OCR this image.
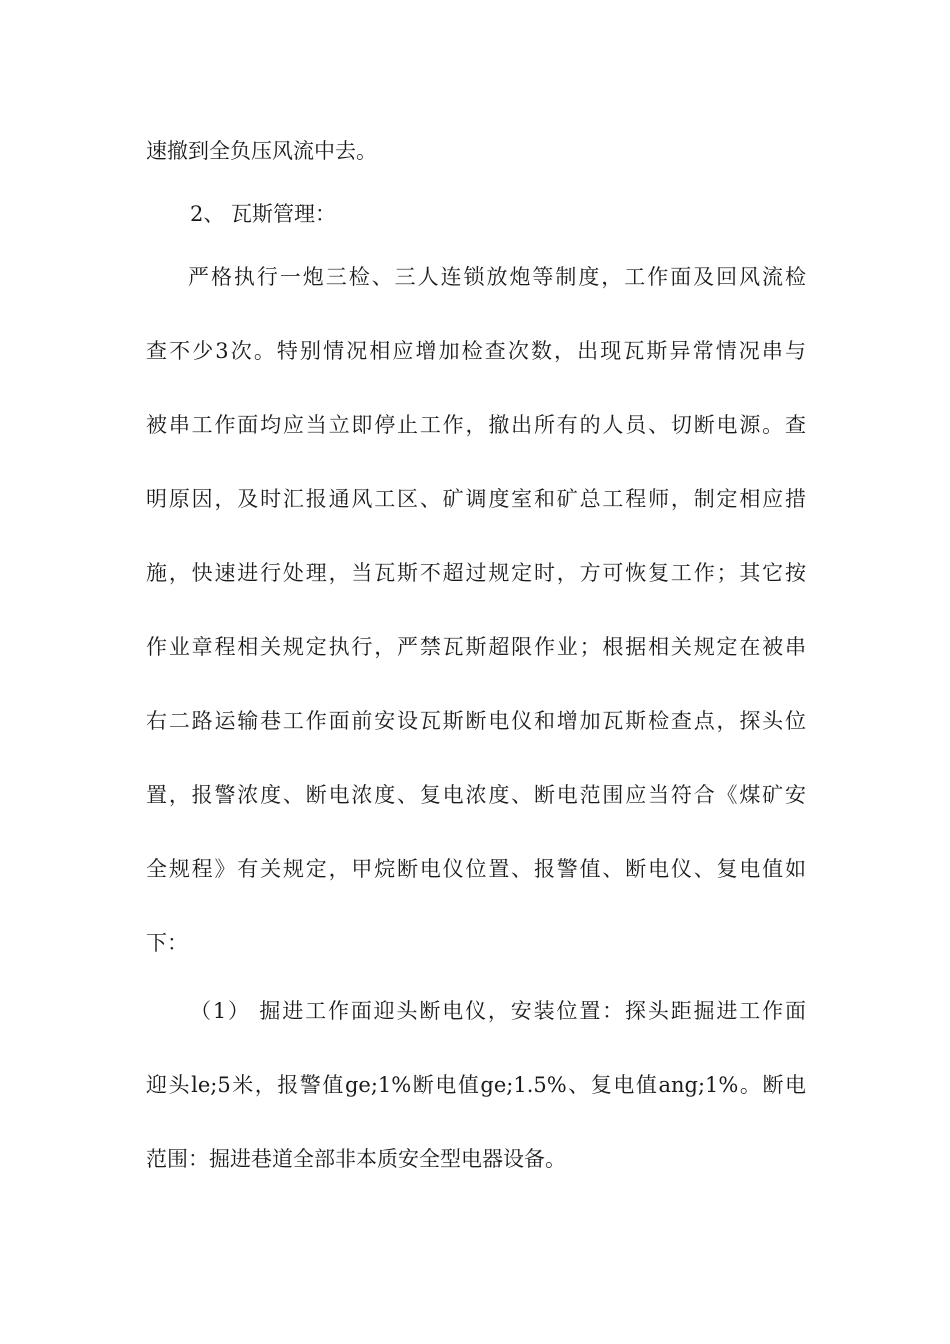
速撤到全负压风流中去。
2、 瓦斯管理：
严格执行一炮三检、三人连锁放炮等制度，工作面及回风流检
查不少3次。特别情况相应增加检查次数，出现瓦斯异常情况串与
被串工作面均应当立即停止工作，撤出所有的人员、切断电源。查
明原因，及时汇报通风工区、矿调度室和矿总工程师，制定相应措
施，快速进行处理，当瓦斯不超过规定时，方可恢复工作；其它按
作业章程相关规定执行，严禁瓦斯超限作业；根据相关规定在被串
右二路运输巷工作面前安设瓦斯断电仪和增加瓦斯检查点，探头位
置，报警浓度、断电浓度、复电浓度、断电范围应当符合《煤矿安
全规程》有关规定，甲烷断电仪位置、报警值、断电仪、复电值如
下：
（1） 掘进工作面迎头断电仪，安装位置：探头距掘进工作面
迎头le;5米，报警值ge;1%断电值ge;1.5%、复电值ang;1%。断电
范围：掘进巷道全部非本质安全型电器设备。
